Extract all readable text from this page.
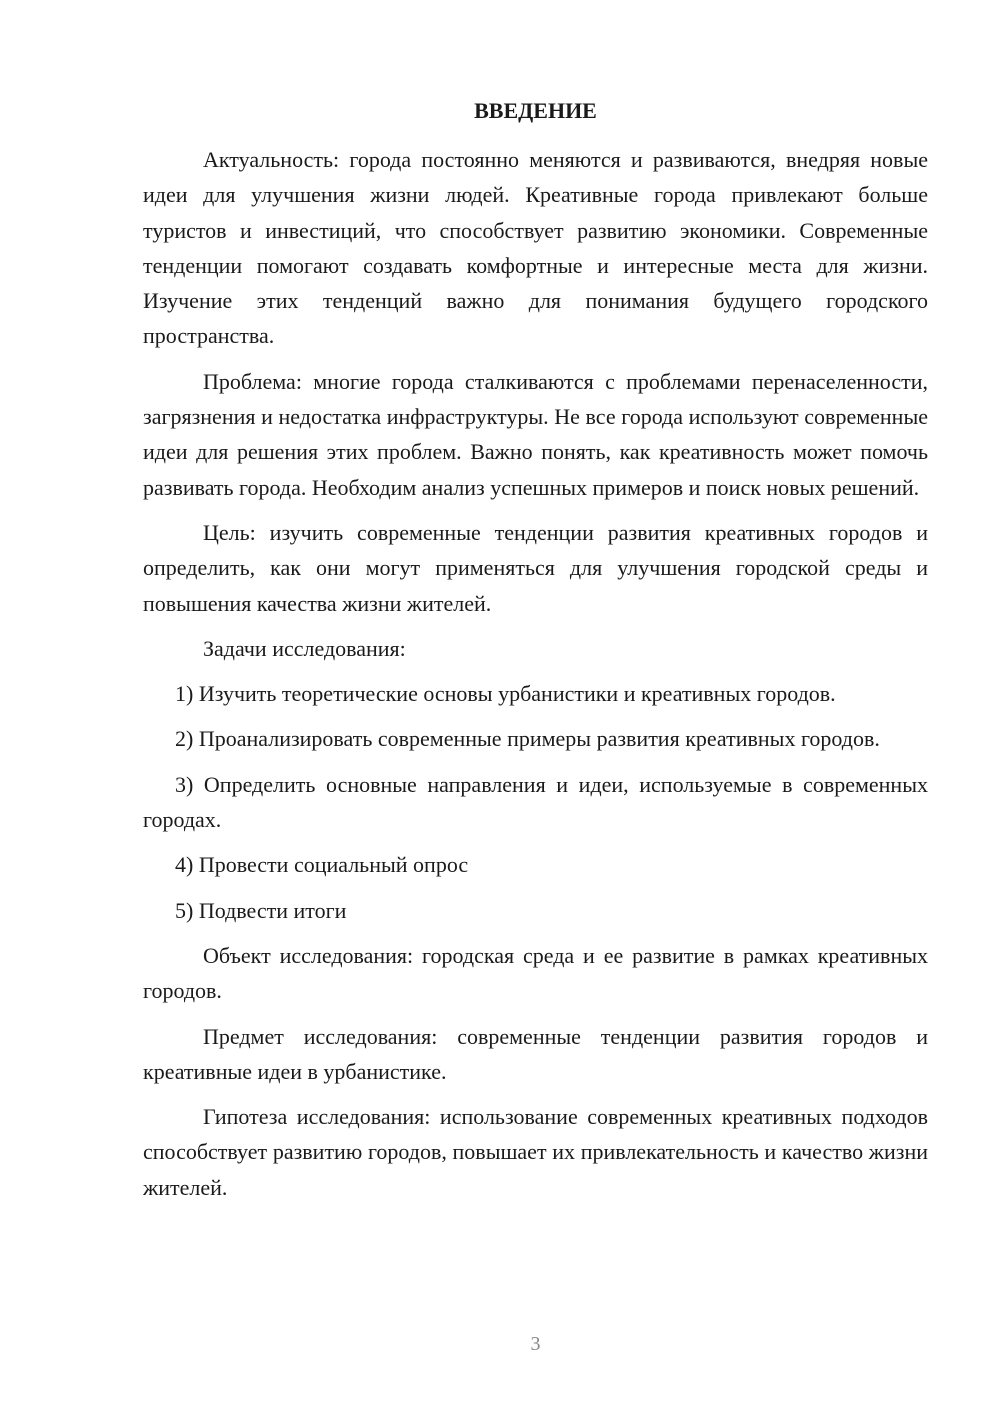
ВВЕДЕНИЕ

Актуальность: города постоянно меняются и развиваются, внедряя новые идеи для улучшения жизни людей. Креативные города привлекают больше туристов и инвестиций, что способствует развитию экономики. Современные тенденции помогают создавать комфортные и интересные места для жизни. Изучение этих тенденций важно для понимания будущего городского пространства.

Проблема: многие города сталкиваются с проблемами перенаселенности, загрязнения и недостатка инфраструктуры. Не все города используют современные идеи для решения этих проблем. Важно понять, как креативность может помочь развивать города. Необходим анализ успешных примеров и поиск новых решений.

Цель: изучить современные тенденции развития креативных городов и определить, как они могут применяться для улучшения городской среды и повышения качества жизни жителей.

Задачи исследования:

1) Изучить теоретические основы урбанистики и креативных городов.

2) Проанализировать современные примеры развития креативных городов.

3) Определить основные направления и идеи, используемые в современных городах.

4) Провести социальный опрос

5) Подвести итоги

Объект исследования: городская среда и ее развитие в рамках креативных городов.

Предмет исследования: современные тенденции развития городов и креативные идеи в урбанистике.

Гипотеза исследования: использование современных креативных подходов способствует развитию городов, повышает их привлекательность и качество жизни жителей.

3
